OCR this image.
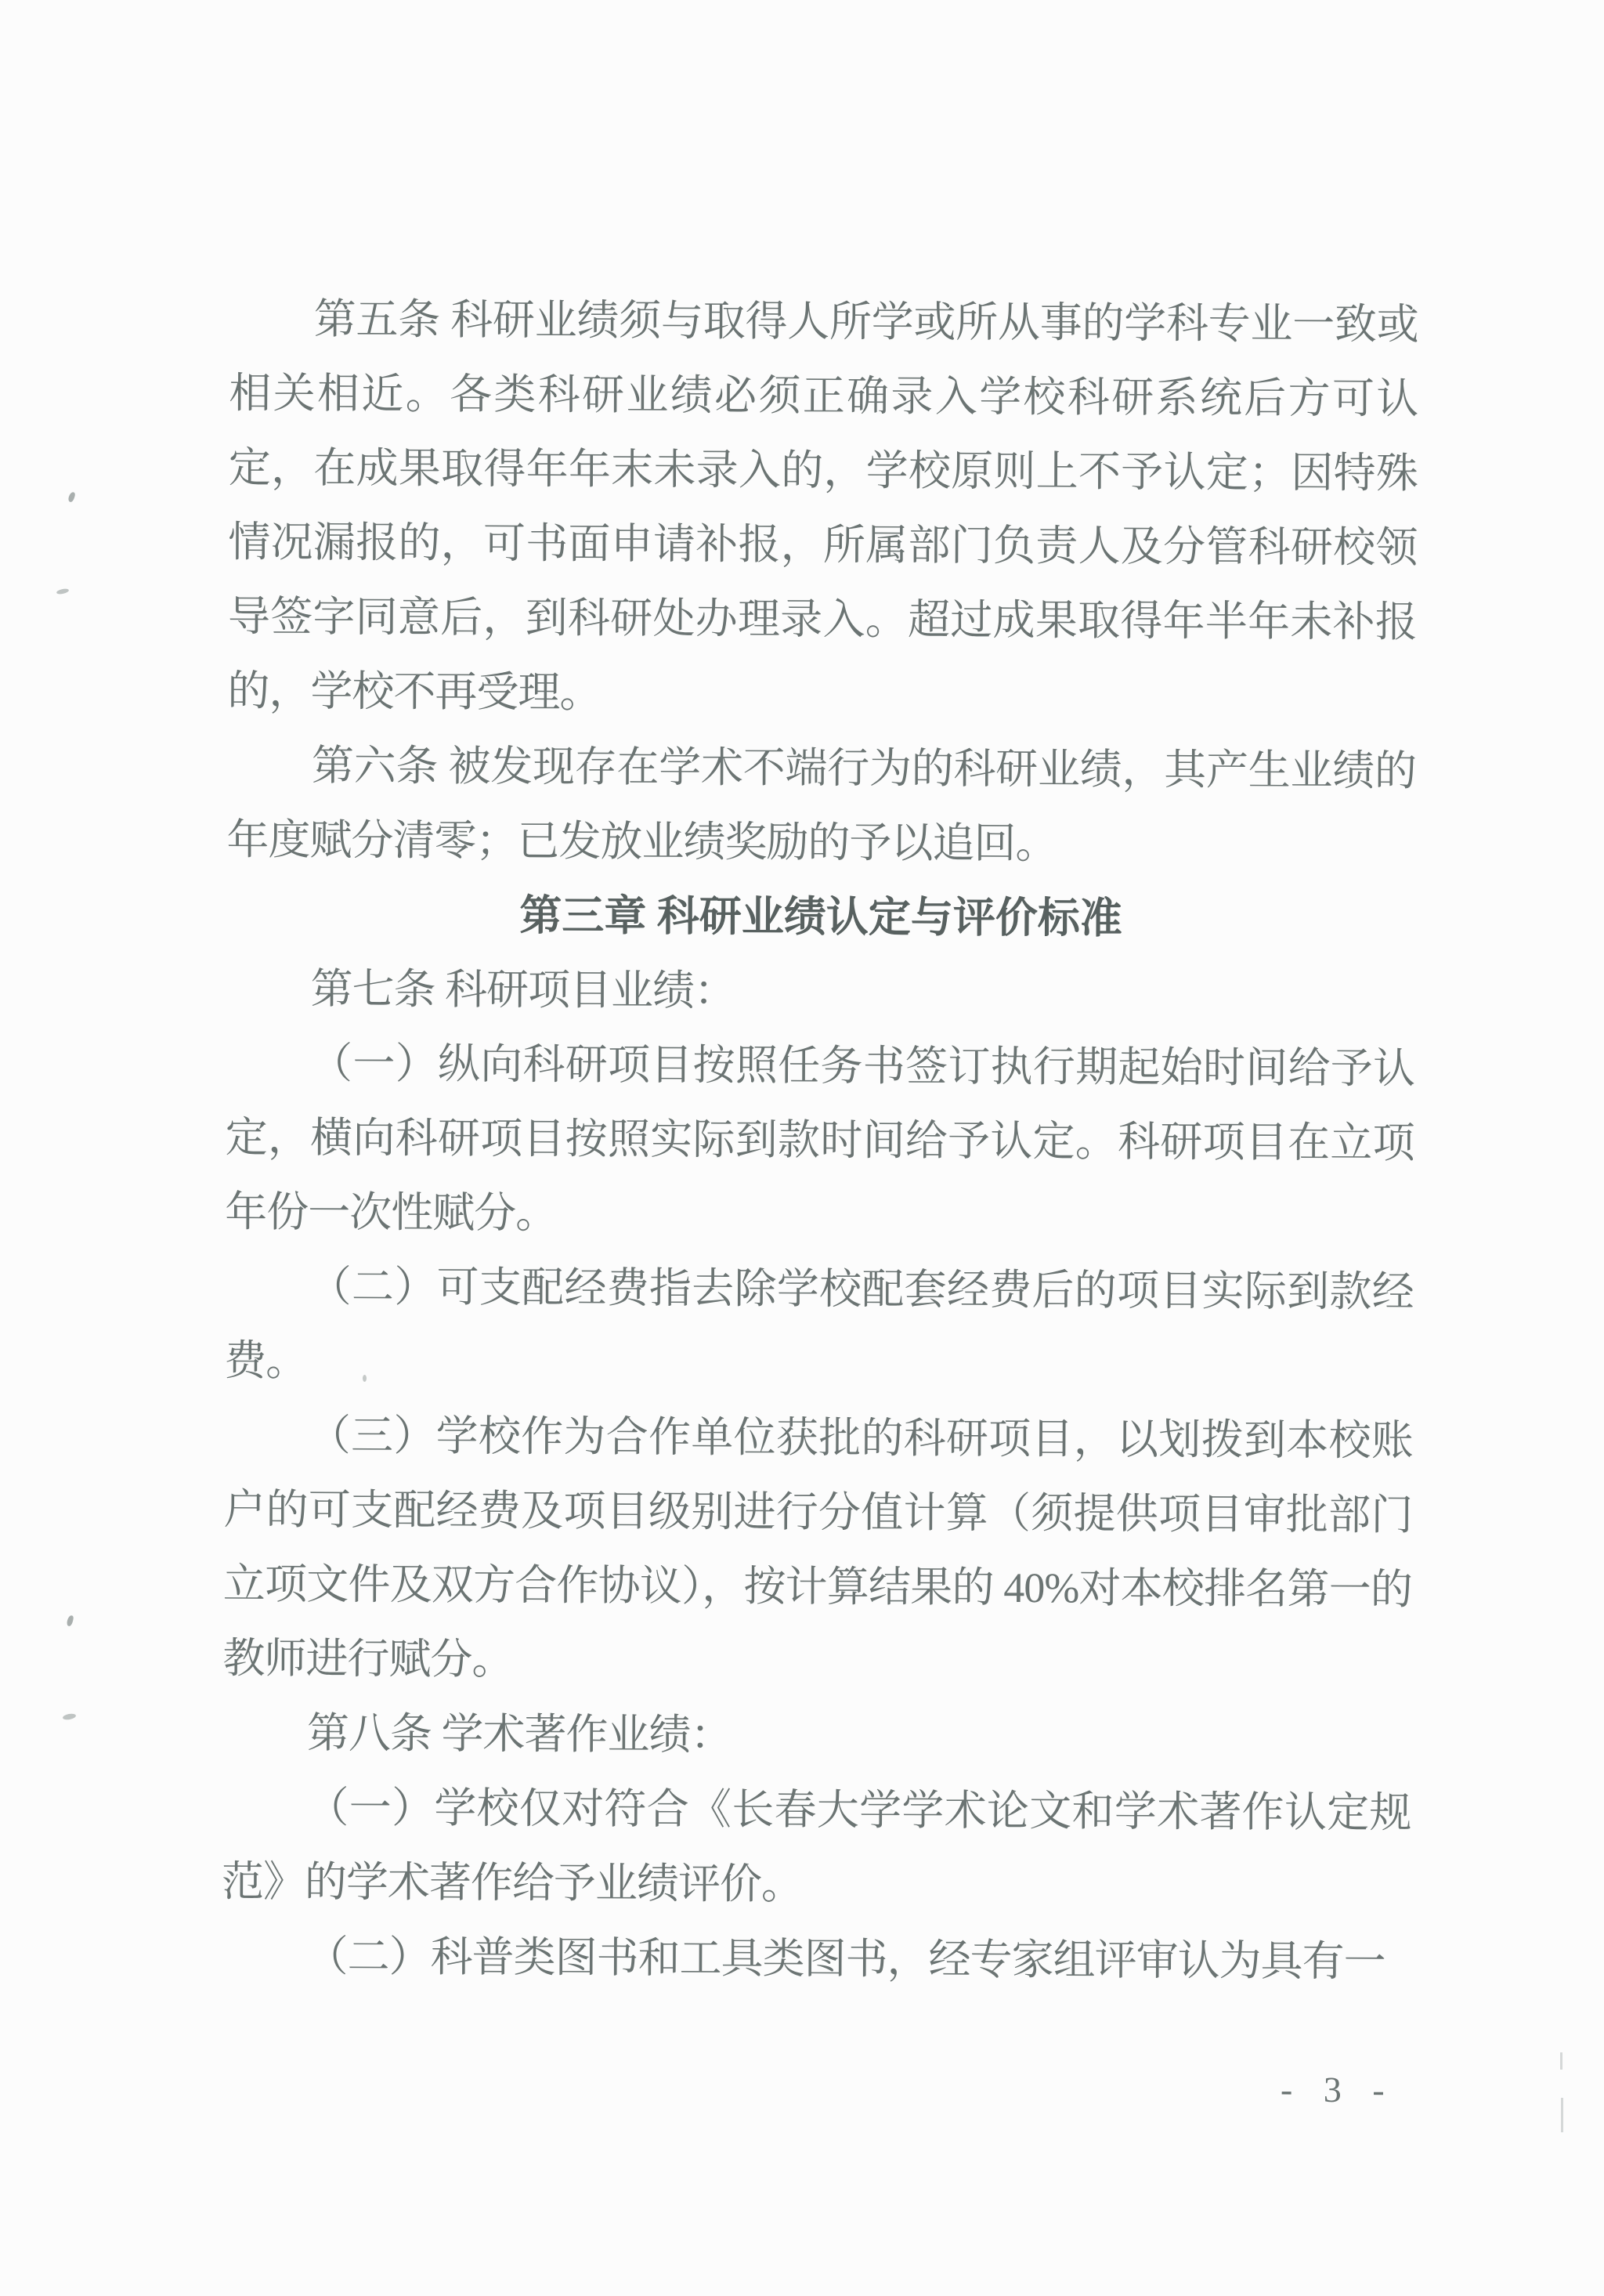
第五条 科研业绩须与取得人所学或所从事的学科专业一致或相关相近。各类科研业绩必须正确录入学校科研系统后方可认定，在成果取得年年末未录入的，学校原则上不予认定；因特殊情况漏报的，可书面申请补报，所属部门负责人及分管科研校领导签字同意后，到科研处办理录入。超过成果取得年半年未补报的，学校不再受理。

第六条 被发现存在学术不端行为的科研业绩，其产生业绩的年度赋分清零；已发放业绩奖励的予以追回。

第三章 科研业绩认定与评价标准

第七条 科研项目业绩：

（一）纵向科研项目按照任务书签订执行期起始时间给予认定，横向科研项目按照实际到款时间给予认定。科研项目在立项年份一次性赋分。

（二）可支配经费指去除学校配套经费后的项目实际到款经费。

（三）学校作为合作单位获批的科研项目，以划拨到本校账户的可支配经费及项目级别进行分值计算（须提供项目审批部门立项文件及双方合作协议），按计算结果的 40%对本校排名第一的教师进行赋分。

第八条 学术著作业绩：

（一）学校仅对符合《长春大学学术论文和学术著作认定规范》的学术著作给予业绩评价。

（二）科普类图书和工具类图书，经专家组评审认为具有一

- 3 -
